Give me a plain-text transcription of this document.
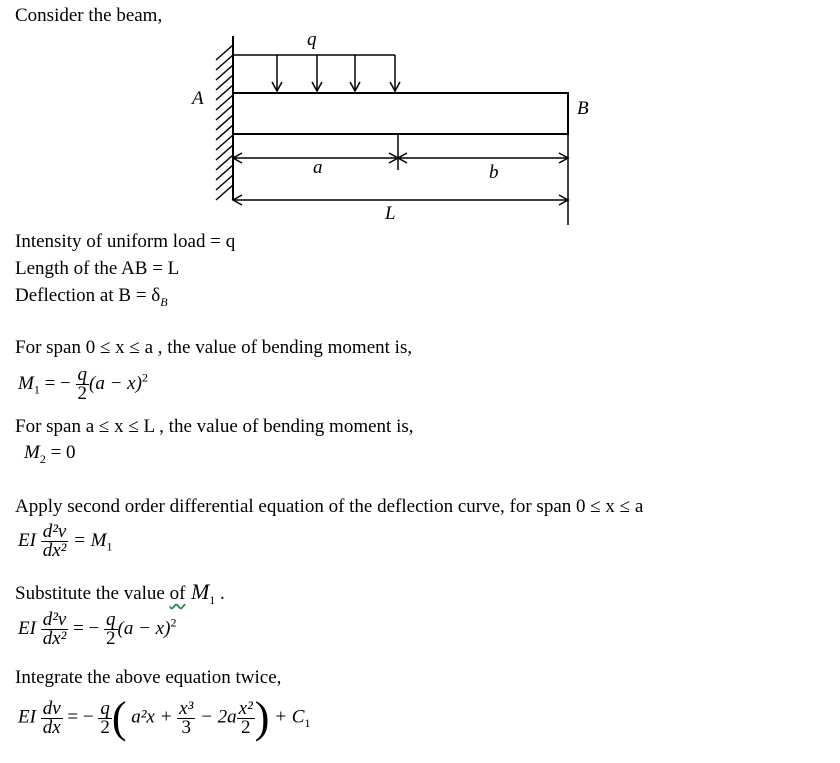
Consider the beam,
q
A	B
a	b
L
Intensity of uniform load = q
Length of the AB = L
Deflection at $B = \delta_B$
For span 0 ≤ x ≤ a , the value of bending moment is,
$M_1$ = − $\frac{q}{2} (a - x)^2$
For span a ≤ x ≤ L , the value of bending moment is,
$M_2 = 0$
Apply second order differential equation of the deflection curve, for span 0 ≤ x ≤ a
EI $\frac{\text{d²v}}{\text{dx²}} = M_1$
Substitute the value of $M_1$ .
EI $\frac{\text{d²v}}{\text{dx²}}$ = − $\frac{q}{2} (a - x)^2$
Integrate the above equation twice,
EI $\frac{dv}{dx}$ = − $\frac{q}{2}$ ( $a^2x + \frac{\text{x³}}{3} - 2a \frac{\text{x²}}{2}$ ) + $C_1$
